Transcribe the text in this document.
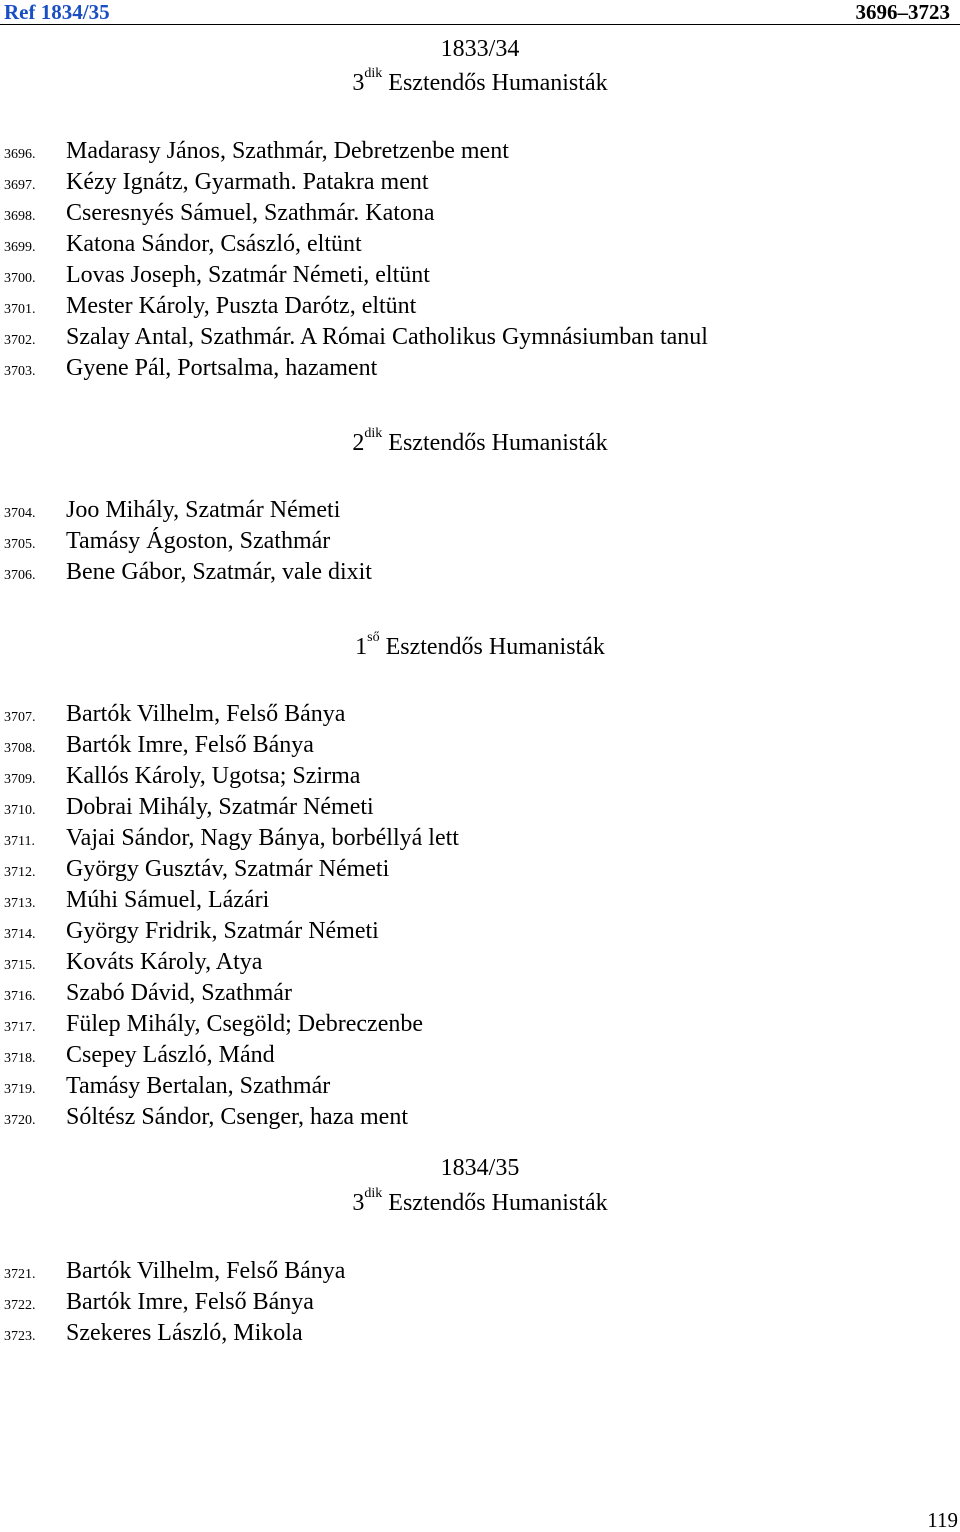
Ref 1834/35	3696–3723
1833/34
$3^{dik}$ Esztendős Humanisták
3696. Madarasy János, Szathmár, Debretzenbe ment
3697. Kézy Ignátz, Gyarmath. Patakra ment
3698. Cseresnyés Sámuel, Szathmár. Katona
3699. Katona Sándor, Császló, eltünt
3700. Lovas Joseph, Szatmár Németi, eltünt
3701. Mester Károly, Puszta Darótz, eltünt
3702. Szalay Antal, Szathmár. A Római Catholikus Gymnásiumban tanul
3703. Gyene Pál, Portsalma, hazament
$2^{dik}$ Esztendős Humanisták
3704. Joo Mihály, Szatmár Németi
3705. Tamásy Ágoston, Szathmár
3706. Bene Gábor, Szatmár, vale dixit
$1^{ső}$ Esztendős Humanisták
3707. Bartók Vilhelm, Felső Bánya
3708. Bartók Imre, Felső Bánya
3709. Kallós Károly, Ugotsa; Szirma
3710. Dobrai Mihály, Szatmár Németi
3711. Vajai Sándor, Nagy Bánya, borbéllyá lett
3712. György Gusztáv, Szatmár Németi
3713. Múhi Sámuel, Lázári
3714. György Fridrik, Szatmár Németi
3715. Kováts Károly, Atya
3716. Szabó Dávid, Szathmár
3717. Fülep Mihály, Csegöld; Debreczenbe
3718. Csepey László, Mánd
3719. Tamásy Bertalan, Szathmár
3720. Sóltész Sándor, Csenger, haza ment
1834/35
$3^{dik}$ Esztendős Humanisták
3721. Bartók Vilhelm, Felső Bánya
3722. Bartók Imre, Felső Bánya
3723. Szekeres László, Mikola
119
